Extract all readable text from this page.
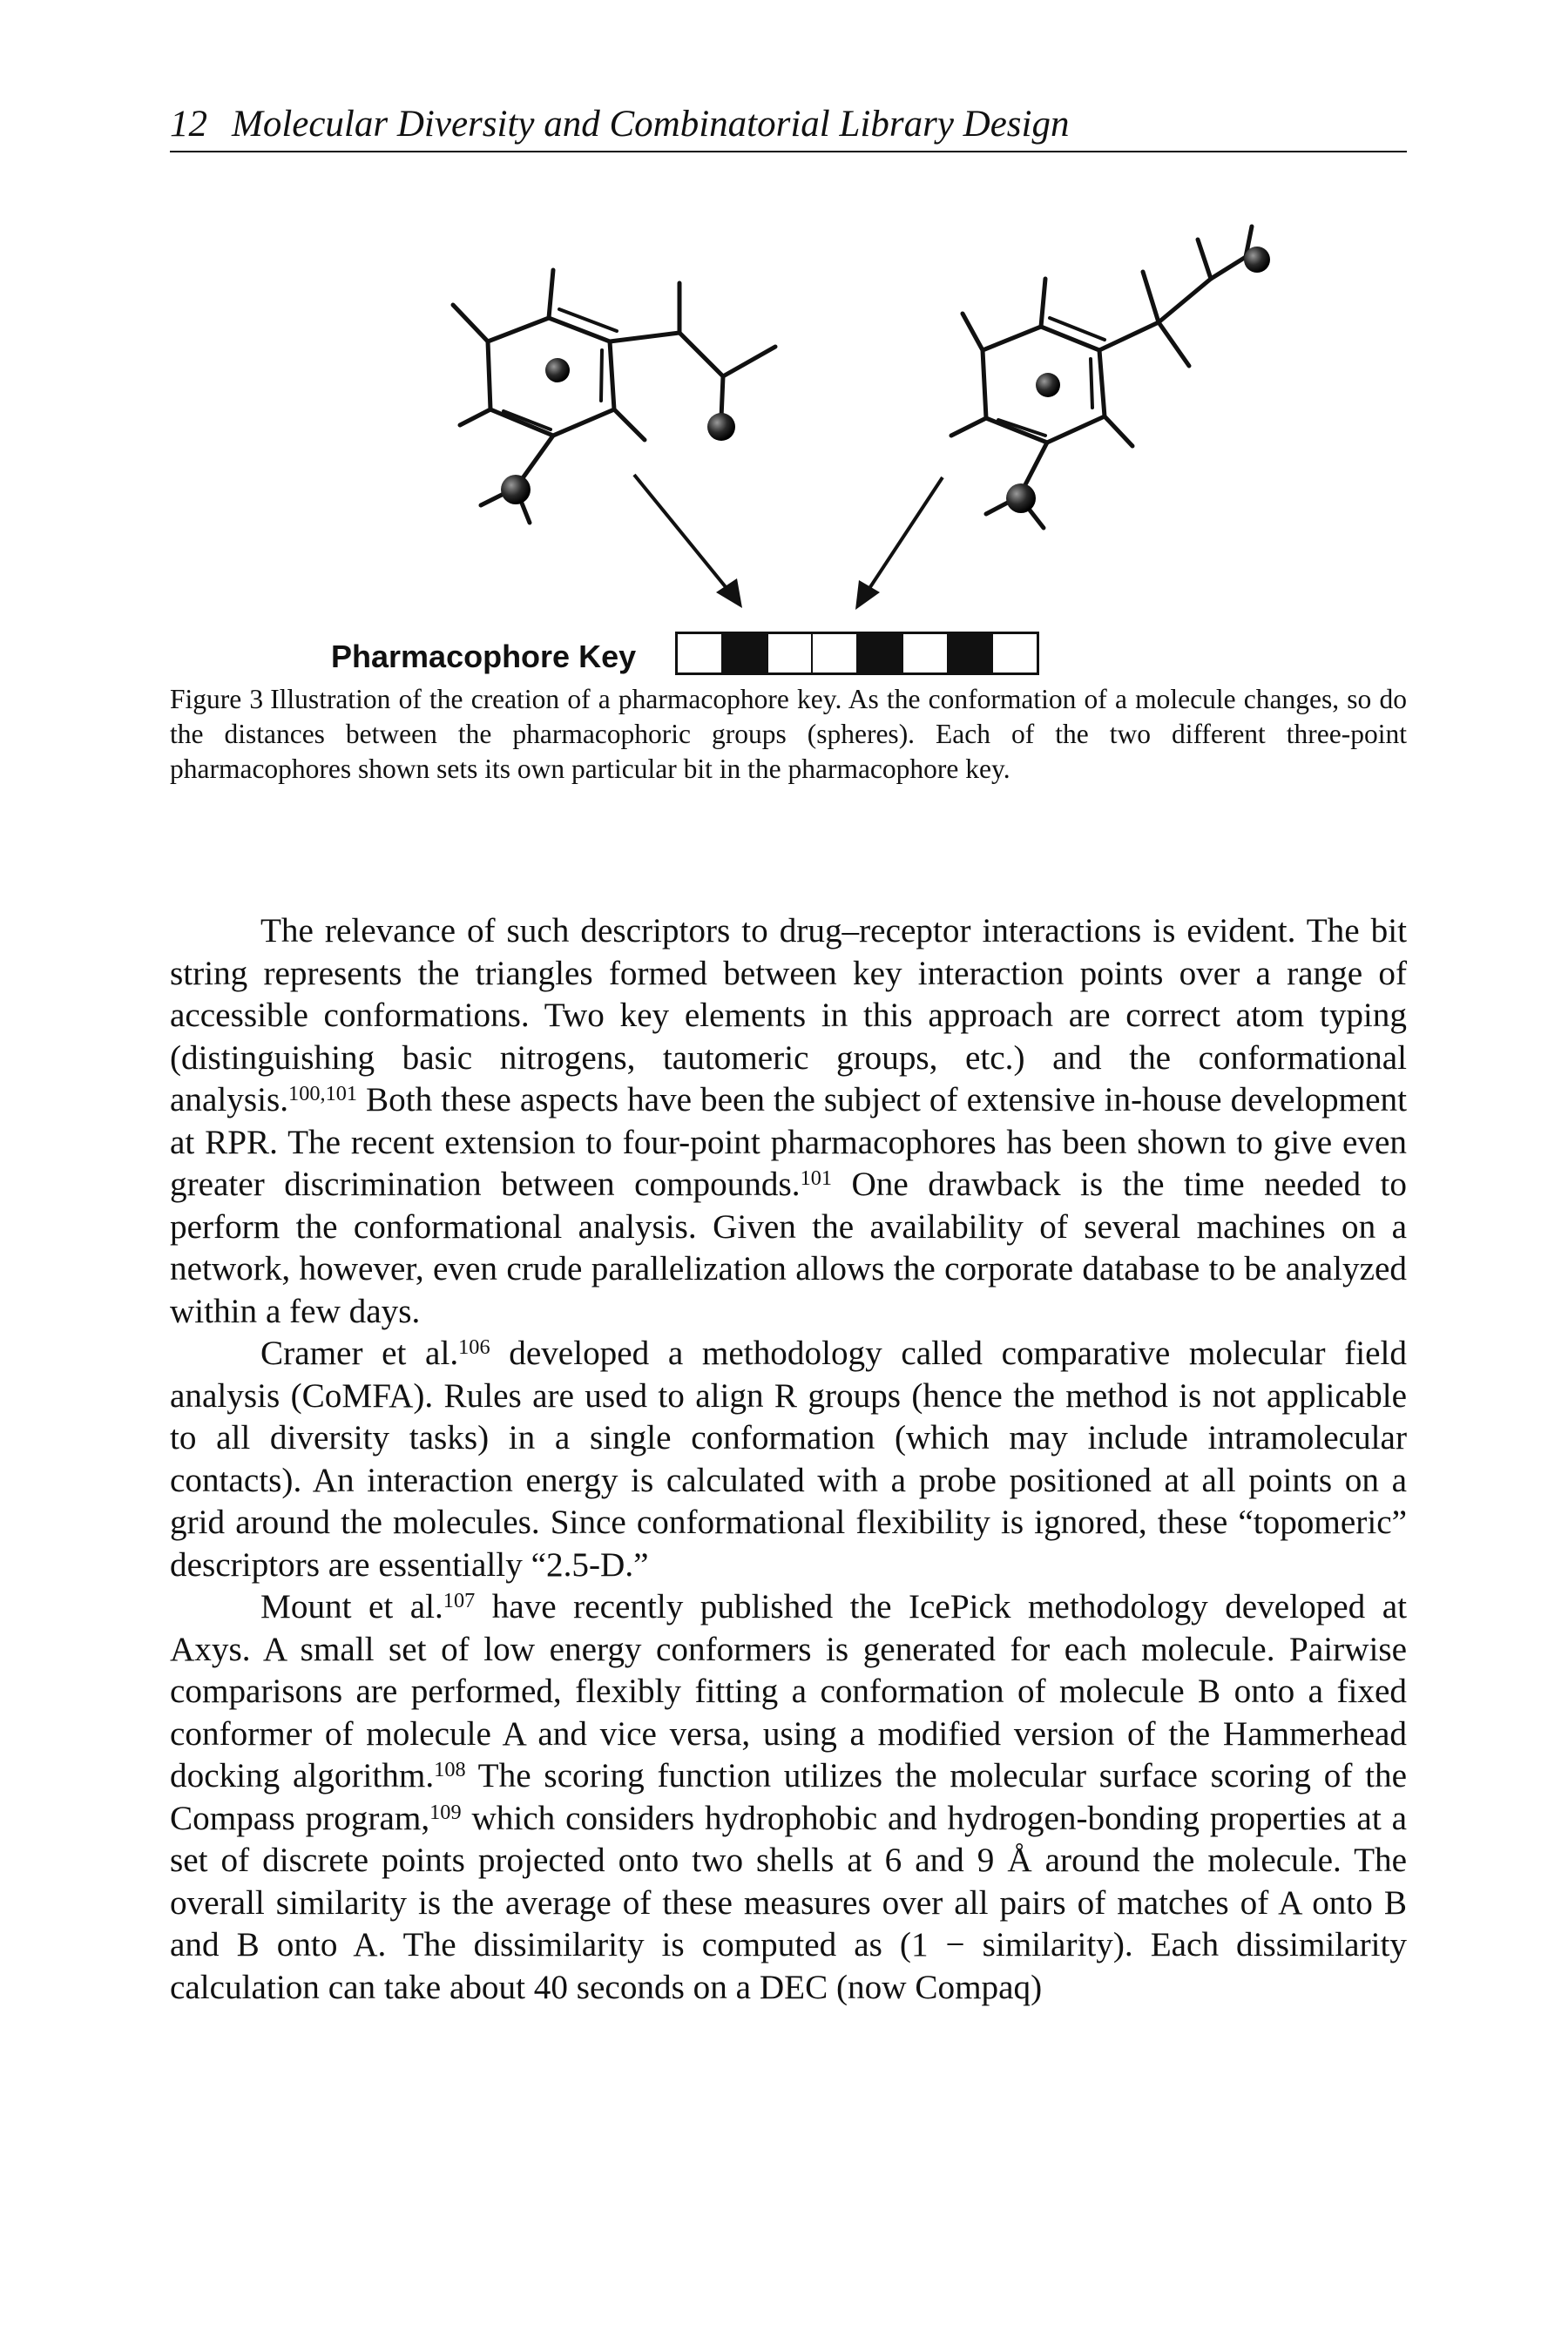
12 Molecular Diversity and Combinatorial Library Design
Pharmacophore Key
Figure 3 Illustration of the creation of a pharmacophore key. As the conformation of a molecule changes, so do the distances between the pharmacophoric groups (spheres). Each of the two different three-point pharmacophores shown sets its own particular bit in the pharmacophore key.

The relevance of such descriptors to drug–receptor interactions is evident. The bit string represents the triangles formed between key interaction points over a range of accessible conformations. Two key elements in this approach are correct atom typing (distinguishing basic nitrogens, tautomeric groups, etc.) and the conformational analysis.$^{100,101}$ Both these aspects have been the subject of extensive in-house development at RPR. The recent extension to four-point pharmacophores has been shown to give even greater discrimination between compounds.$^{101}$ One drawback is the time needed to perform the conformational analysis. Given the availability of several machines on a network, however, even crude parallelization allows the corporate database to be analyzed within a few days.

Cramer et al.$^{106}$ developed a methodology called comparative molecular field analysis (CoMFA). Rules are used to align R groups (hence the method is not applicable to all diversity tasks) in a single conformation (which may include intramolecular contacts). An interaction energy is calculated with a probe positioned at all points on a grid around the molecules. Since conformational flexibility is ignored, these “topomeric” descriptors are essentially “2.5-D.”

Mount et al.$^{107}$ have recently published the IcePick methodology developed at Axys. A small set of low energy conformers is generated for each molecule. Pairwise comparisons are performed, flexibly fitting a conformation of molecule B onto a fixed conformer of molecule A and vice versa, using a modified version of the Hammerhead docking algorithm.$^{108}$ The scoring function utilizes the molecular surface scoring of the Compass program,$^{109}$ which considers hydrophobic and hydrogen-bonding properties at a set of discrete points projected onto two shells at 6 and 9 Å around the molecule. The overall similarity is the average of these measures over all pairs of matches of A onto B and B onto A. The dissimilarity is computed as (1 − similarity). Each dissimilarity calculation can take about 40 seconds on a DEC (now Compaq)
